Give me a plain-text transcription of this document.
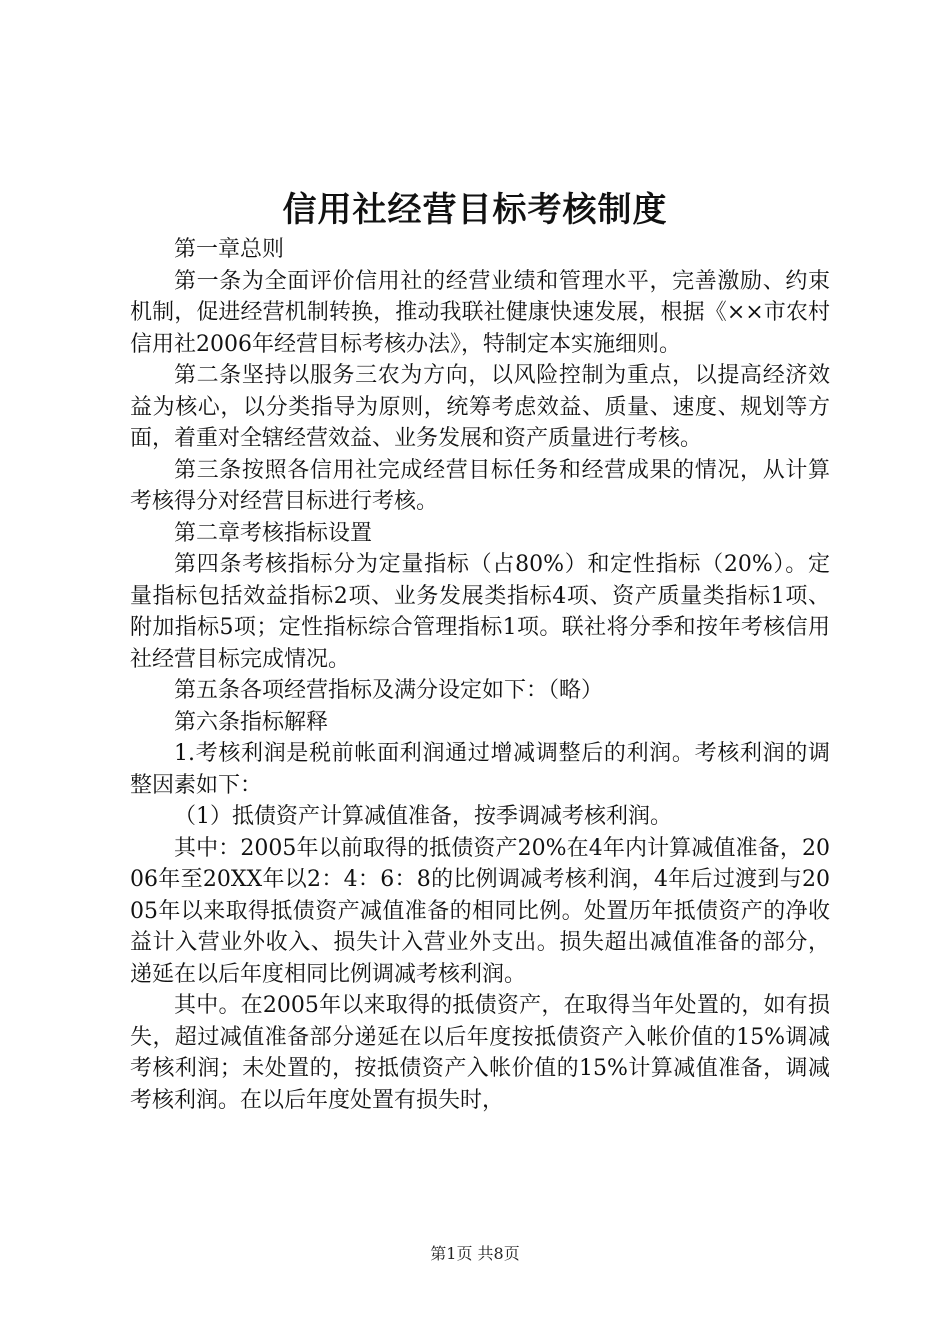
信用社经营目标考核制度

第一章总则

第一条为全面评价信用社的经营业绩和管理水平，完善激励、约束机制，促进经营机制转换，推动我联社健康快速发展，根据《××市农村信用社2006年经营目标考核办法》，特制定本实施细则。

第二条坚持以服务三农为方向，以风险控制为重点，以提高经济效益为核心，以分类指导为原则，统筹考虑效益、质量、速度、规划等方面，着重对全辖经营效益、业务发展和资产质量进行考核。

第三条按照各信用社完成经营目标任务和经营成果的情况，从计算考核得分对经营目标进行考核。

第二章考核指标设置

第四条考核指标分为定量指标（占80%）和定性指标（20%）。定量指标包括效益指标2项、业务发展类指标4项、资产质量类指标1项、附加指标5项；定性指标综合管理指标1项。联社将分季和按年考核信用社经营目标完成情况。

第五条各项经营指标及满分设定如下：（略）

第六条指标解释

1.考核利润是税前帐面利润通过增减调整后的利润。考核利润的调整因素如下：

（1）抵债资产计算减值准备，按季调减考核利润。

其中：2005年以前取得的抵债资产20%在4年内计算减值准备，2006年至20XX年以2：4：6：8的比例调减考核利润，4年后过渡到与2005年以来取得抵债资产减值准备的相同比例。处置历年抵债资产的净收益计入营业外收入、损失计入营业外支出。损失超出减值准备的部分，递延在以后年度相同比例调减考核利润。

其中。在2005年以来取得的抵债资产，在取得当年处置的，如有损失，超过减值准备部分递延在以后年度按抵债资产入帐价值的15%调减考核利润；未处置的，按抵债资产入帐价值的15%计算减值准备，调减考核利润。在以后年度处置有损失时，

第1页 共8页
